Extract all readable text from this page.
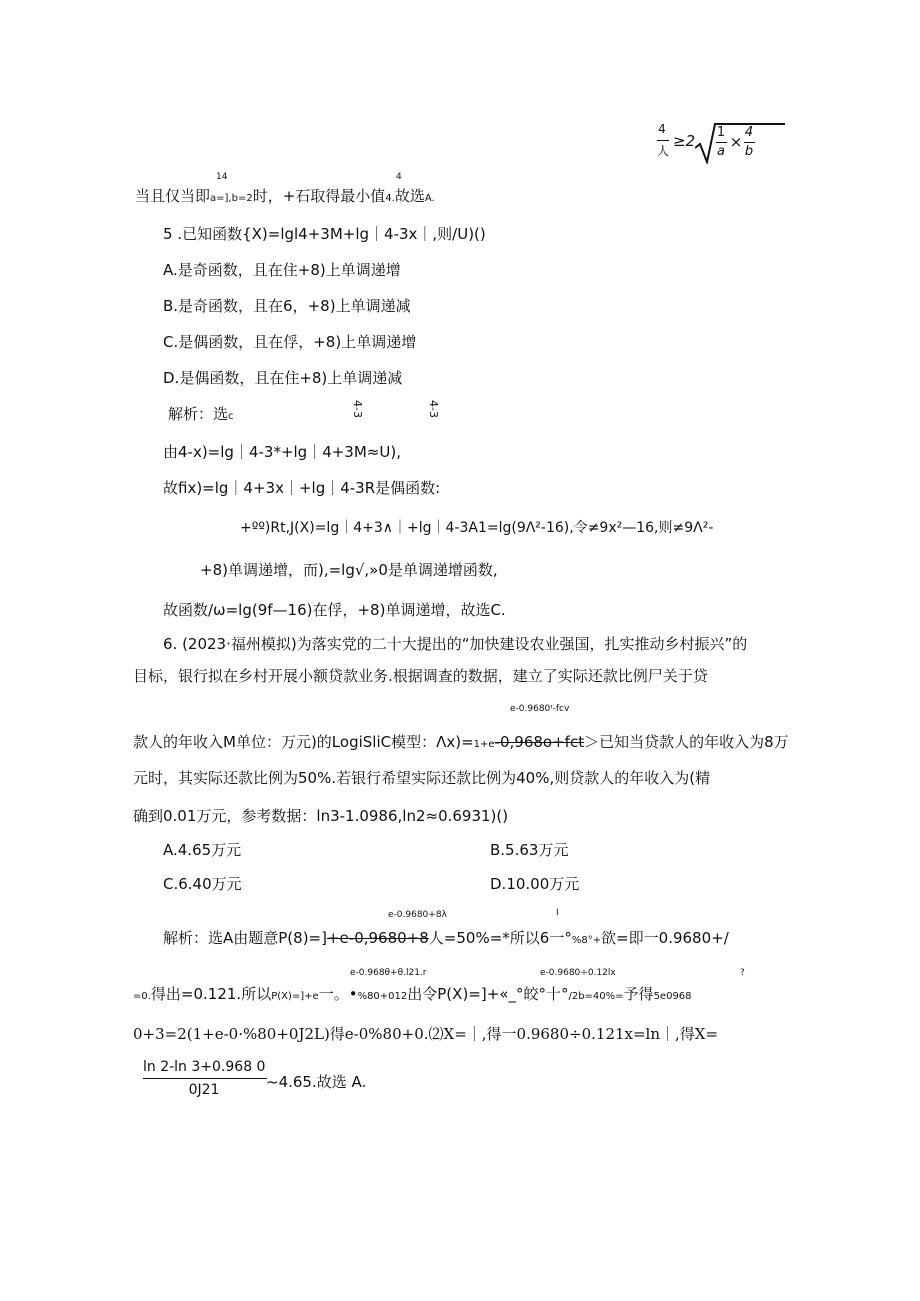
4
人
≥2 1
a
×
4
b
14	4
当且仅当即a=],b=2时，+石取得最小值4.故选A.
5 .已知函数{X)=lgl4+3M+lg｜4-3x｜,则/U)()
A.是奇函数，且在住+8)上单调递增
B.是奇函数，且在6，+8)上单调递减
C.是偶函数，且在俘，+8)上单调递增
D.是偶函数，且在住+8)上单调递减
解析：选c	4-3	4-3
由4-x)=lg｜4-3*+lg｜4+3M≈U),
故fix)=lg｜4+3x｜+lg｜4-3R是偶函数:
+ºº)Rt,J(X)=lg｜4+3∧｜+lg｜4-3A1=lg(9Λ²-16),令≠9x²—16,则≠9Λ²-
+8)单调递增，而),=lg√,»0是单调递增函数,
故函数/ω=lg(9f—16)在俘，+8)单调递增，故选C.
6. (2023·福州模拟)为落实党的二十大提出的“加快建设农业强国，扎实推动乡村振兴”的
目标，银行拟在乡村开展小额贷款业务.根据调查的数据，建立了实际还款比例尸关于贷
e-0.9680ᶦ-fcv
款人的年收入M单位：万元)的LogiSliC模型：Λx)=1+e-0,968o+fct＞已知当贷款人的年收入为8万
元时，其实际还款比例为50%.若银行希望实际还款比例为40%,则贷款人的年收入为(精
确到0.01万元，参考数据：ln3-1.0986,ln2≈0.6931)()
A.4.65万元	B.5.63万元
C.6.40万元	D.10.00万元
e-0.9680+8λ	I
解析：选A由题意P(8)=]+e-0,9680+8人=50%=*所以6一°%8°+欲=即一0.9680+/
e-0.968θ+θ.l21.r	e-0.9680÷0.12lx	?
=0.得出=0.121.所以P(X)=]+e一。•%80+012出令P(X)=]+«_°皎°十°/2b=40%=予得5e0968
0+3=2(1+e-0·%80+0J2L)得e-0%80+0.⑵X=｜,得一0.9680÷0.121x=ln｜,得X=
ln 2-ln 3+0.968 0
0J21	~4.65.故选 A.
